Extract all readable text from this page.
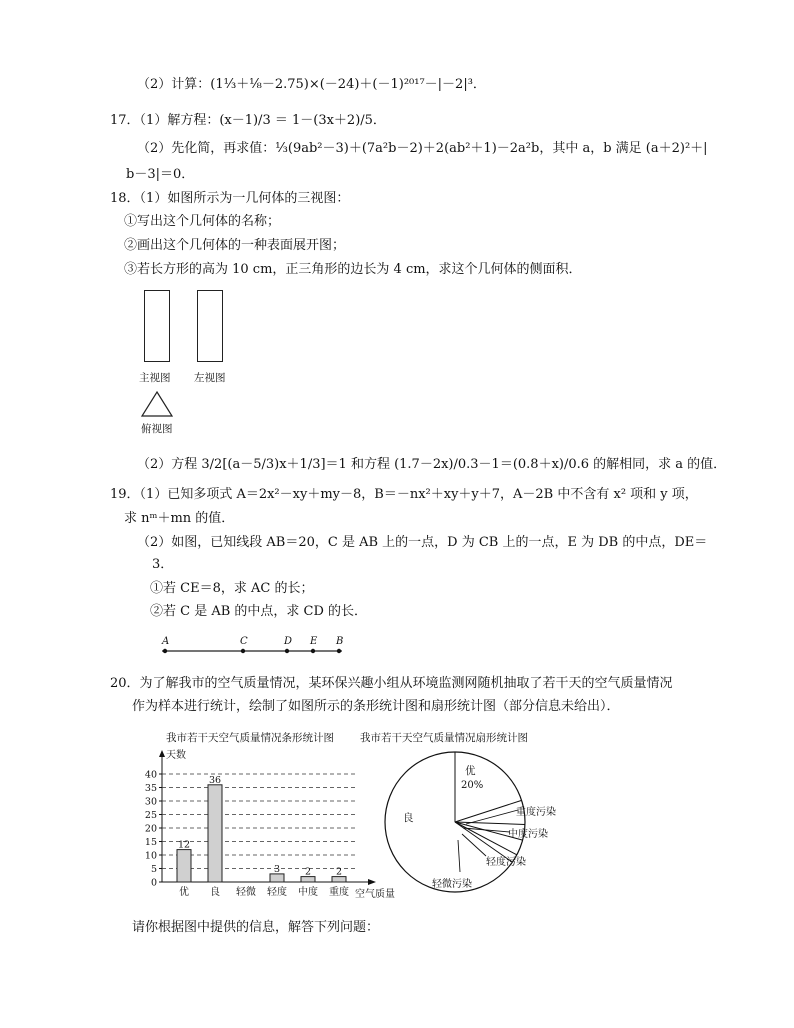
（2）计算：(1⅓＋⅛－2.75)×(－24)＋(－1)²⁰¹⁷－|－2|³．
17．（1）解方程：(x－1)/3 ＝ 1－(3x＋2)/5．
（2）先化简，再求值：⅓(9ab²－3)＋(7a²b－2)＋2(ab²＋1)－2a²b，其中 a，b 满足 (a＋2)²＋|
b－3|＝0．
18．（1）如图所示为一几何体的三视图：
①写出这个几何体的名称；
②画出这个几何体的一种表面展开图；
③若长方形的高为 10 cm，正三角形的边长为 4 cm，求这个几何体的侧面积．
主视图 左视图
俯视图
（2）方程 3/2[(a－5/3)x＋1/3]＝1 和方程 (1.7－2x)/0.3－1＝(0.8＋x)/0.6 的解相同，求 a 的值．
19．（1）已知多项式 A＝2x²－xy＋my－8，B＝－nx²＋xy＋y＋7，A－2B 中不含有 x² 项和 y 项，
求 nᵐ＋mn 的值．
（2）如图，已知线段 AB＝20，C 是 AB 上的一点，D 为 CB 上的一点，E 为 DB 的中点，DE＝
3．
①若 CE＝8，求 AC 的长；
②若 C 是 AB 的中点，求 CD 的长．
A	C	D E B
20．为了解我市的空气质量情况，某环保兴趣小组从环境监测网随机抽取了若干天的空气质量情况
作为样本进行统计，绘制了如图所示的条形统计图和扇形统计图（部分信息未给出）．
我市若干天空气质量情况条形统计图 我市若干天空气质量情况扇形统计图
天数
空气质量
0
5
10
15
20
25
30
35
40
12
优
36
良 轻微
3
轻度
2
中度
2
重度
优
20%
良	重度污染
中度污染
轻度污染
轻微污染
请你根据图中提供的信息，解答下列问题：
